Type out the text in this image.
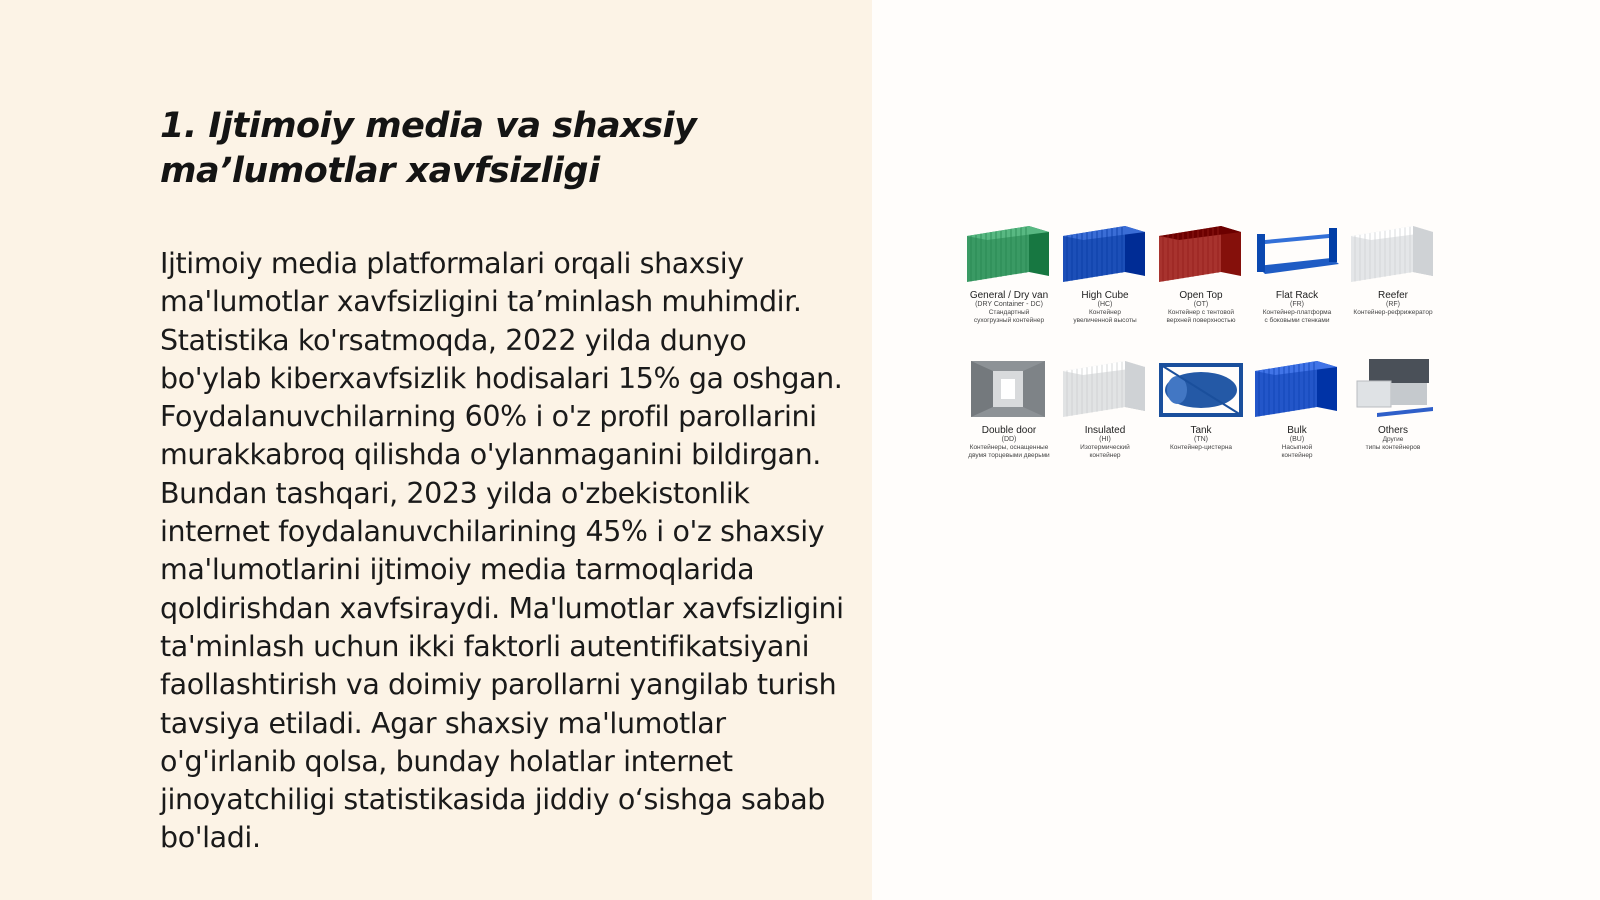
1. Ijtimoiy media va shaxsiy ma’lumotlar xavfsizligi

Ijtimoiy media platformalari orqali shaxsiy ma'lumotlar xavfsizligini ta’minlash muhimdir. Statistika ko'rsatmoqda, 2022 yilda dunyo bo'ylab kiberxavfsizlik hodisalari 15% ga oshgan. Foydalanuvchilarning 60% i o'z profil parollarini murakkabroq qilishda o'ylanmaganini bildirgan. Bundan tashqari, 2023 yilda o'zbekistonlik internet foydalanuvchilarining 45% i o'z shaxsiy ma'lumotlarini ijtimoiy media tarmoqlarida qoldirishdan xavfsiraydi. Ma'lumotlar xavfsizligini ta'minlash uchun ikki faktorli autentifikatsiyani faollashtirish va doimiy parollarni yangilab turish tavsiya etiladi. Agar shaxsiy ma'lumotlar o'g'irlanib qolsa, bunday holatlar internet jinoyatchiligi statistikasida jiddiy o‘sishga sabab bo'ladi.

General / Dry van
(DRY Container - DC)
Стандартный
сухогрузный контейнер
High Cube
(HC)
Контейнер
увеличенной высоты
Open Top
(OT)
Контейнер с тентовой
верхней поверхностью
Flat Rack
(FR)
Контейнер-платформа
с боковыми стенками
Reefer
(RF)
Контейнер-рефрижератор
Double door
(DD)
Контейнеры, оснащенные
двумя торцевыми дверьми
Insulated
(HI)
Изотермический
контейнер
Tank
(TN)
Контейнер-цистерна
Bulk
(BU)
Насыпной
контейнер
Others
Другие
типы контейнеров
